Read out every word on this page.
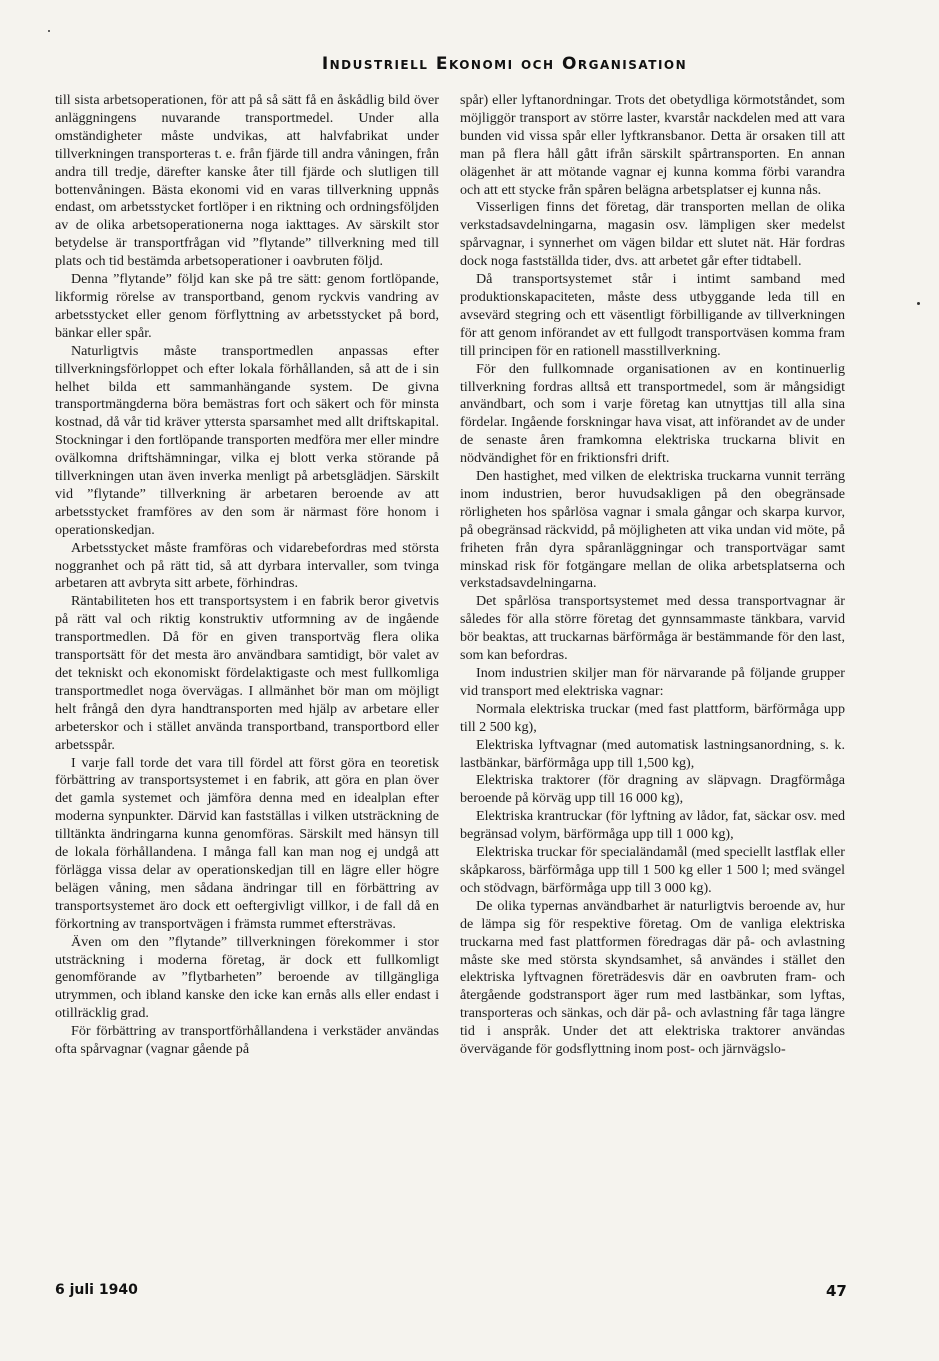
Industriell Ekonomi och Organisation

till sista arbetsoperationen, för att på så sätt få en åskådlig bild över anläggningens nuvarande transportmedel. Under alla omständigheter måste undvikas, att halvfabrikat under tillverkningen transporteras t. e. från fjärde till andra våningen, från andra till tredje, därefter kanske åter till fjärde och slutligen till bottenvåningen. Bästa ekonomi vid en varas tillverkning uppnås endast, om arbetsstycket fortlöper i en riktning och ordningsföljden av de olika arbetsoperationerna noga iakttages. Av särskilt stor betydelse är transportfrågan vid ”flytande” tillverkning med till plats och tid bestämda arbetsoperationer i oavbruten följd.

Denna ”flytande” följd kan ske på tre sätt: genom fortlöpande, likformig rörelse av transportband, genom ryckvis vandring av arbetsstycket eller genom förflyttning av arbetsstycket på bord, bänkar eller spår.

Naturligtvis måste transportmedlen anpassas efter tillverkningsförloppet och efter lokala förhållanden, så att de i sin helhet bilda ett sammanhängande system. De givna transportmängderna böra bemästras fort och säkert och för minsta kostnad, då vår tid kräver yttersta sparsamhet med allt driftskapital. Stockningar i den fortlöpande transporten medföra mer eller mindre ovälkomna driftshämningar, vilka ej blott verka störande på tillverkningen utan även inverka menligt på arbetsglädjen. Särskilt vid ”flytande” tillverkning är arbetaren beroende av att arbetsstycket framföres av den som är närmast före honom i operationskedjan.

Arbetsstycket måste framföras och vidarebefordras med största noggranhet och på rätt tid, så att dyrbara intervaller, som tvinga arbetaren att avbryta sitt arbete, förhindras.

Räntabiliteten hos ett transportsystem i en fabrik beror givetvis på rätt val och riktig konstruktiv utformning av de ingående transportmedlen. Då för en given transportväg flera olika transportsätt för det mesta äro användbara samtidigt, bör valet av det tekniskt och ekonomiskt fördelaktigaste och mest fullkomliga transportmedlet noga övervägas. I allmänhet bör man om möjligt helt frångå den dyra handtransporten med hjälp av arbetare eller arbeterskor och i stället använda transportband, transportbord eller arbetsspår.

I varje fall torde det vara till fördel att först göra en teoretisk förbättring av transportsystemet i en fabrik, att göra en plan över det gamla systemet och jämföra denna med en idealplan efter moderna synpunkter. Därvid kan fastställas i vilken utsträckning de tilltänkta ändringarna kunna genomföras. Särskilt med hänsyn till de lokala förhållandena. I många fall kan man nog ej undgå att förlägga vissa delar av operationskedjan till en lägre eller högre belägen våning, men sådana ändringar till en förbättring av transportsystemet äro dock ett oeftergivligt villkor, i de fall då en förkortning av transportvägen i främsta rummet eftersträvas.

Även om den ”flytande” tillverkningen förekommer i stor utsträckning i moderna företag, är dock ett fullkomligt genomförande av ”flytbarheten” beroende av tillgängliga utrymmen, och ibland kanske den icke kan ernås alls eller endast i otillräcklig grad.

För förbättring av transportförhållandena i verkstäder användas ofta spårvagnar (vagnar gående på

spår) eller lyftanordningar. Trots det obetydliga körmotståndet, som möjliggör transport av större laster, kvarstår nackdelen med att vara bunden vid vissa spår eller lyftkransbanor. Detta är orsaken till att man på flera håll gått ifrån särskilt spårtransporten. En annan olägenhet är att mötande vagnar ej kunna komma förbi varandra och att ett stycke från spåren belägna arbetsplatser ej kunna nås.

Visserligen finns det företag, där transporten mellan de olika verkstadsavdelningarna, magasin osv. lämpligen sker medelst spårvagnar, i synnerhet om vägen bildar ett slutet nät. Här fordras dock noga fastställda tider, dvs. att arbetet går efter tidtabell.

Då transportsystemet står i intimt samband med produktionskapaciteten, måste dess utbyggande leda till en avsevärd stegring och ett väsentligt förbilligande av tillverkningen för att genom införandet av ett fullgodt transportväsen komma fram till principen för en rationell masstillverkning.

För den fullkomnade organisationen av en kontinuerlig tillverkning fordras alltså ett transportmedel, som är mångsidigt användbart, och som i varje företag kan utnyttjas till alla sina fördelar. Ingående forskningar hava visat, att införandet av de under de senaste åren framkomna elektriska truckarna blivit en nödvändighet för en friktionsfri drift.

Den hastighet, med vilken de elektriska truckarna vunnit terräng inom industrien, beror huvudsakligen på den obegränsade rörligheten hos spårlösa vagnar i smala gångar och skarpa kurvor, på obegränsad räckvidd, på möjligheten att vika undan vid möte, på friheten från dyra spåranläggningar och transportvägar samt minskad risk för fotgängare mellan de olika arbetsplatserna och verkstadsavdelningarna.

Det spårlösa transportsystemet med dessa transportvagnar är således för alla större företag det gynnsammaste tänkbara, varvid bör beaktas, att truckarnas bärförmåga är bestämmande för den last, som kan befordras.

Inom industrien skiljer man för närvarande på följande grupper vid transport med elektriska vagnar:

Normala elektriska truckar (med fast plattform, bärförmåga upp till 2 500 kg),

Elektriska lyftvagnar (med automatisk lastningsanordning, s. k. lastbänkar, bärförmåga upp till 1,500 kg),

Elektriska traktorer (för dragning av släpvagn. Dragförmåga beroende på körväg upp till 16 000 kg),

Elektriska krantruckar (för lyftning av lådor, fat, säckar osv. med begränsad volym, bärförmåga upp till 1 000 kg),

Elektriska truckar för specialändamål (med speciellt lastflak eller skåpkaross, bärförmåga upp till 1 500 kg eller 1 500 l; med svängel och stödvagn, bärförmåga upp till 3 000 kg).

De olika typernas användbarhet är naturligtvis beroende av, hur de lämpa sig för respektive företag. Om de vanliga elektriska truckarna med fast plattformen föredragas där på- och avlastning måste ske med största skyndsamhet, så användes i stället den elektriska lyftvagnen företrädesvis där en oavbruten fram- och återgående godstransport äger rum med lastbänkar, som lyftas, transporteras och sänkas, och där på- och avlastning får taga längre tid i anspråk. Under det att elektriska traktorer användas övervägande för godsflyttning inom post- och järnvägslo-

6 juli 1940	47
